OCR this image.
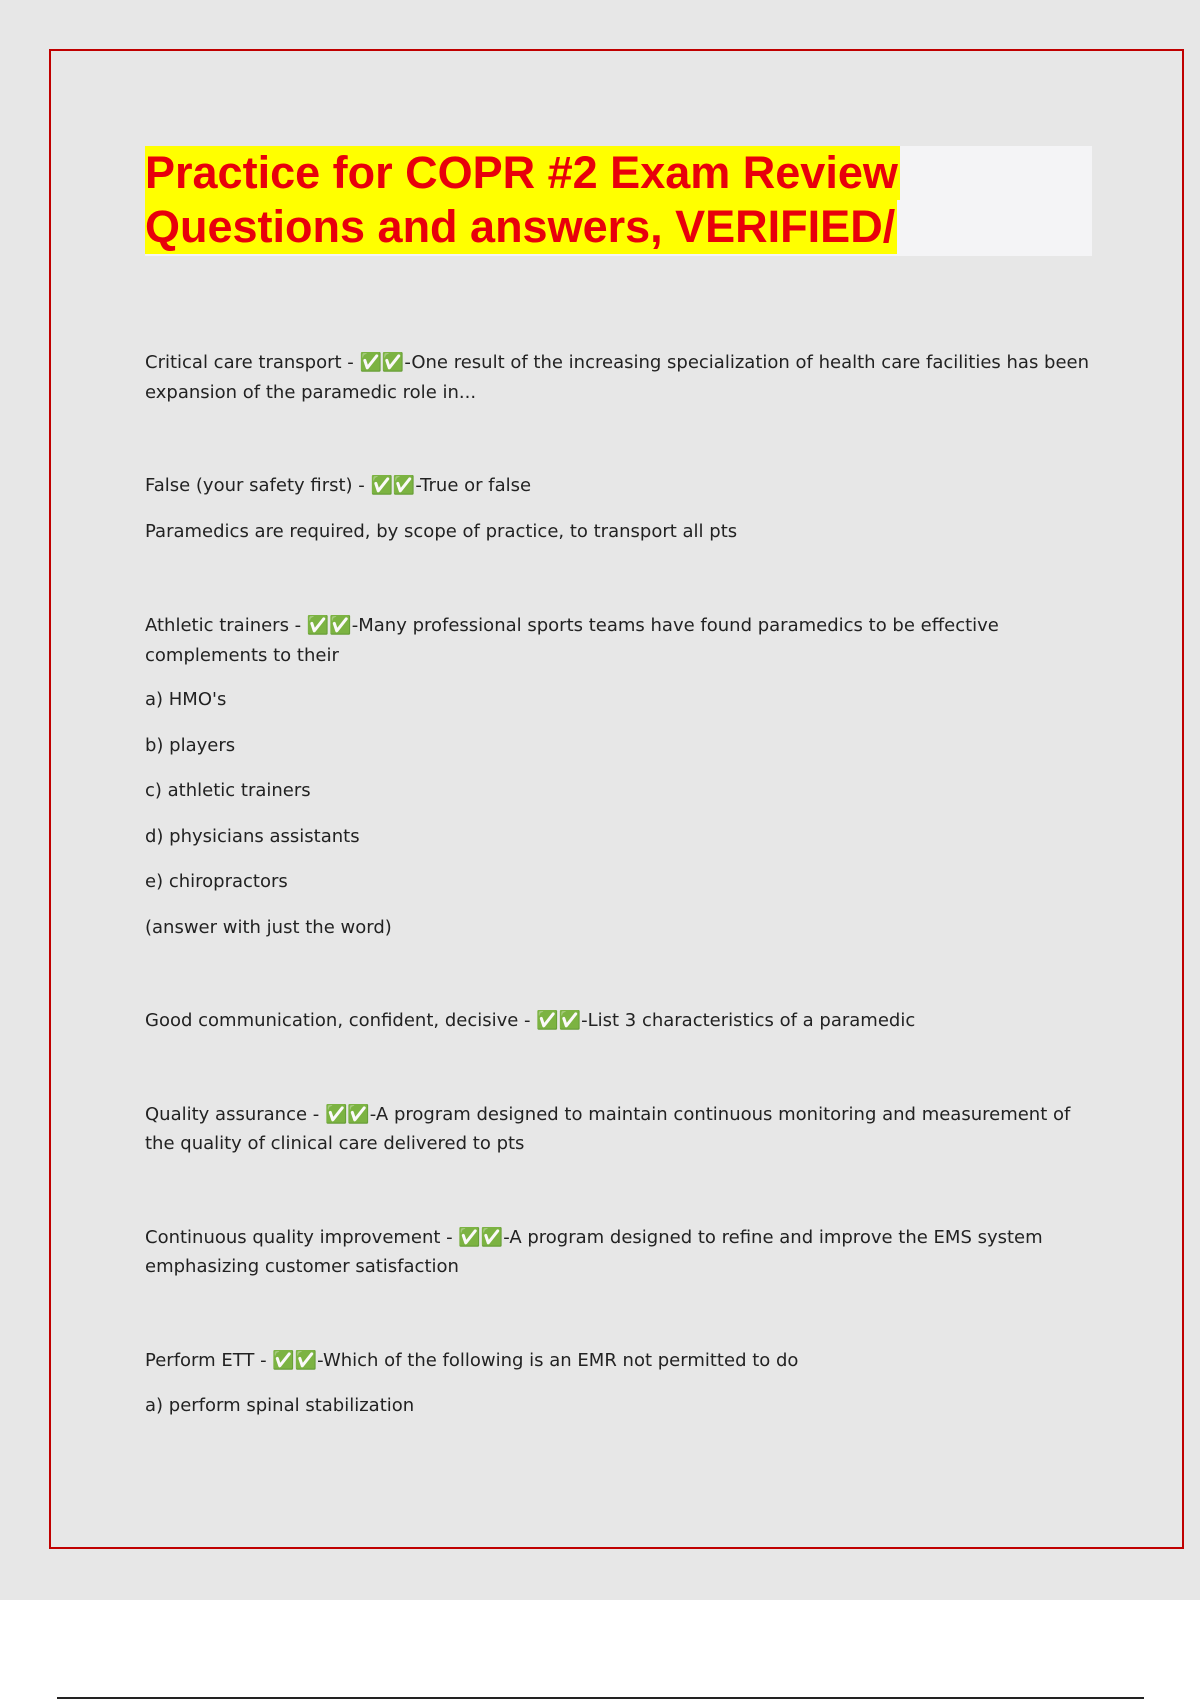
Practice for COPR #2 Exam Review
Questions and answers, VERIFIED/

Critical care transport - ✅✅-One result of the increasing specialization of health care facilities has been

expansion of the paramedic role in...

False (your safety first) - ✅✅-True or false

Paramedics are required, by scope of practice, to transport all pts

Athletic trainers - ✅✅-Many professional sports teams have found paramedics to be effective

complements to their

a) HMO's

b) players

c) athletic trainers

d) physicians assistants

e) chiropractors

(answer with just the word)

Good communication, confident, decisive - ✅✅-List 3 characteristics of a paramedic

Quality assurance - ✅✅-A program designed to maintain continuous monitoring and measurement of

the quality of clinical care delivered to pts

Continuous quality improvement - ✅✅-A program designed to refine and improve the EMS system

emphasizing customer satisfaction

Perform ETT - ✅✅-Which of the following is an EMR not permitted to do

a) perform spinal stabilization
